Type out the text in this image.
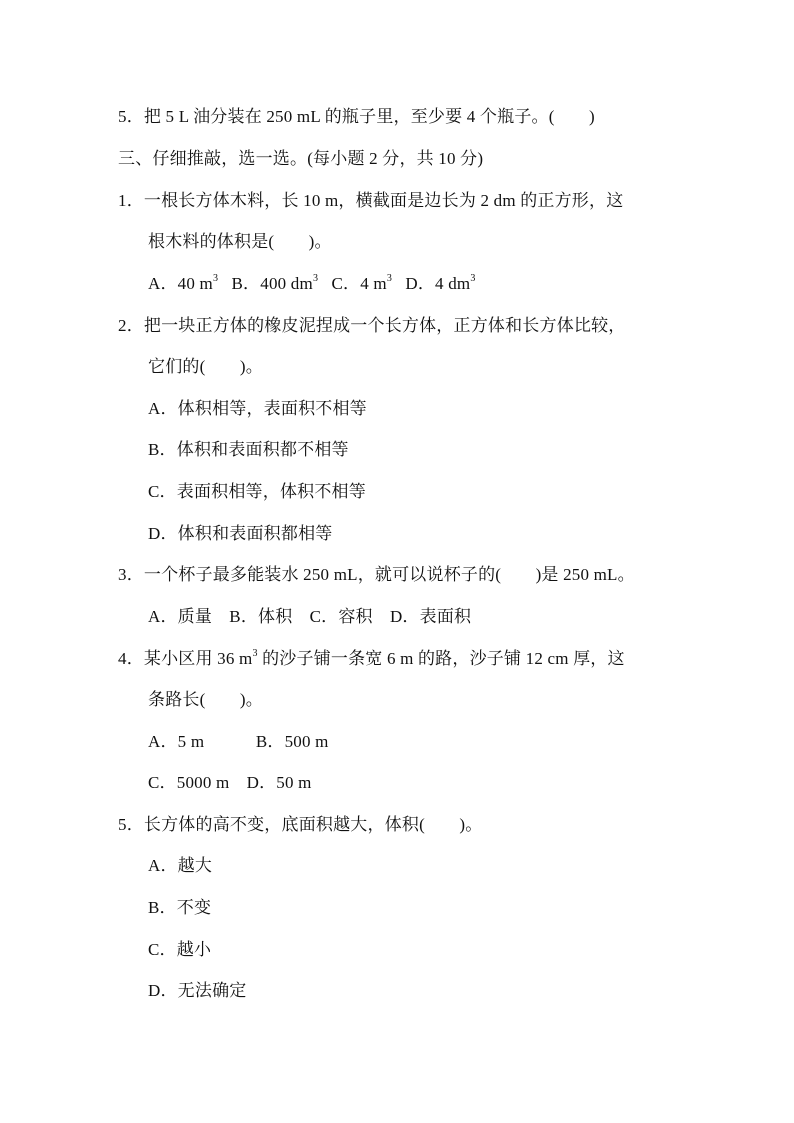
5．把 5 L 油分装在 250 mL 的瓶子里，至少要 4 个瓶子。(　　)
三、仔细推敲，选一选。(每小题 2 分，共 10 分)
1．一根长方体木料，长 10 m，横截面是边长为 2 dm 的正方形，这
根木料的体积是(　　)。
A．40 $m^3$ B．400 $dm^3$ C．4 $m^3$ D．4 $dm^3$
2．把一块正方体的橡皮泥捏成一个长方体，正方体和长方体比较，
它们的(　　)。
A．体积相等，表面积不相等
B．体积和表面积都不相等
C．表面积相等，体积不相等
D．体积和表面积都相等
3．一个杯子最多能装水 250 mL，就可以说杯子的(　　)是 250 mL。
A．质量　B．体积　C．容积　D．表面积
4．某小区用 36 $m^3$ 的沙子铺一条宽 6 m 的路，沙子铺 12 cm 厚，这
条路长(　　)。
A．5 m　　　B．500 m
C．5000 m　D．50 m
5．长方体的高不变，底面积越大，体积(　　)。
A．越大
B．不变
C．越小
D．无法确定
